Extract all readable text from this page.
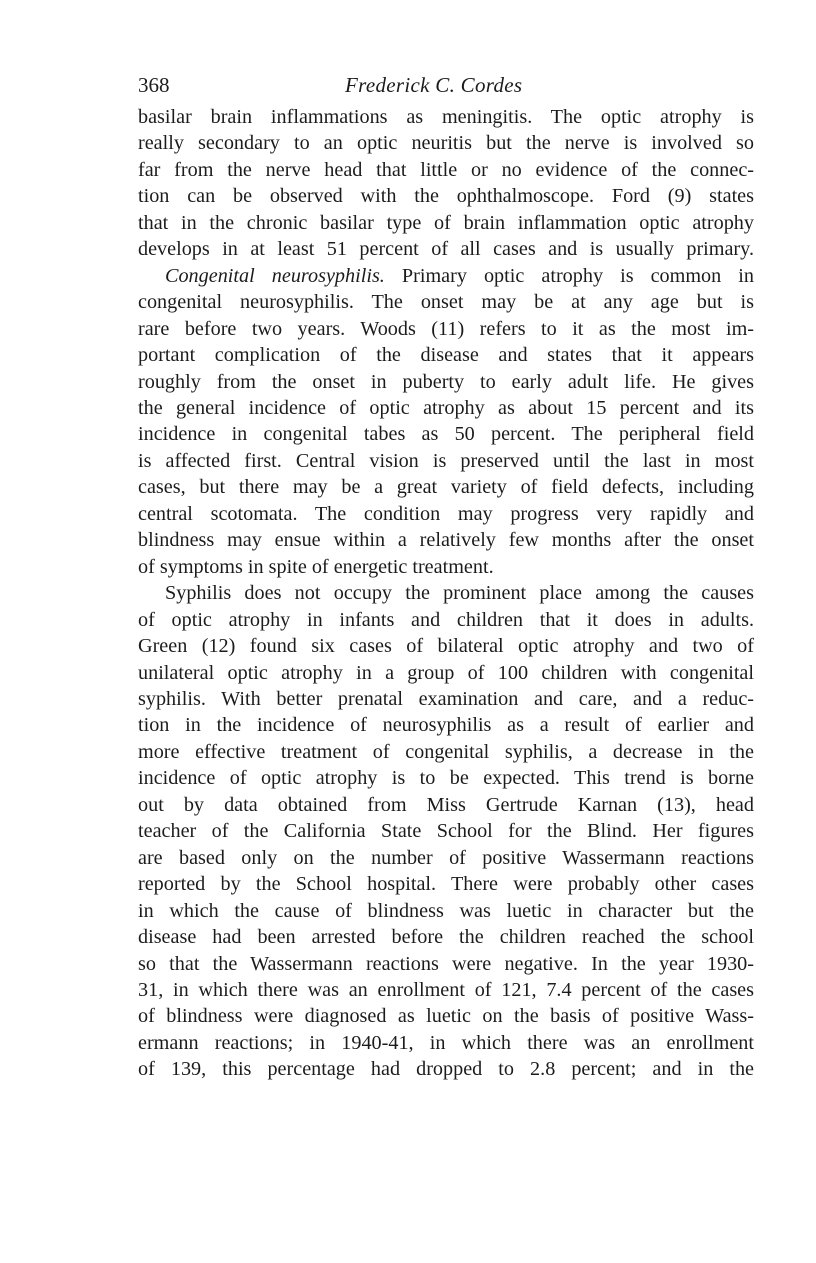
368	Frederick C. Cordes
basilar brain inflammations as meningitis. The optic atrophy is
really secondary to an optic neuritis but the nerve is involved so
far from the nerve head that little or no evidence of the connec-
tion can be observed with the ophthalmoscope. Ford (9) states
that in the chronic basilar type of brain inflammation optic atrophy
develops in at least 51 percent of all cases and is usually primary.
Congenital neurosyphilis. Primary optic atrophy is common in
congenital neurosyphilis. The onset may be at any age but is
rare before two years. Woods (11) refers to it as the most im-
portant complication of the disease and states that it appears
roughly from the onset in puberty to early adult life. He gives
the general incidence of optic atrophy as about 15 percent and its
incidence in congenital tabes as 50 percent. The peripheral field
is affected first. Central vision is preserved until the last in most
cases, but there may be a great variety of field defects, including
central scotomata. The condition may progress very rapidly and
blindness may ensue within a relatively few months after the onset
of symptoms in spite of energetic treatment.
Syphilis does not occupy the prominent place among the causes
of optic atrophy in infants and children that it does in adults.
Green (12) found six cases of bilateral optic atrophy and two of
unilateral optic atrophy in a group of 100 children with congenital
syphilis. With better prenatal examination and care, and a reduc-
tion in the incidence of neurosyphilis as a result of earlier and
more effective treatment of congenital syphilis, a decrease in the
incidence of optic atrophy is to be expected. This trend is borne
out by data obtained from Miss Gertrude Karnan (13), head
teacher of the California State School for the Blind. Her figures
are based only on the number of positive Wassermann reactions
reported by the School hospital. There were probably other cases
in which the cause of blindness was luetic in character but the
disease had been arrested before the children reached the school
so that the Wassermann reactions were negative. In the year 1930-
31, in which there was an enrollment of 121, 7.4 percent of the cases
of blindness were diagnosed as luetic on the basis of positive Wass-
ermann reactions; in 1940-41, in which there was an enrollment
of 139, this percentage had dropped to 2.8 percent; and in the
